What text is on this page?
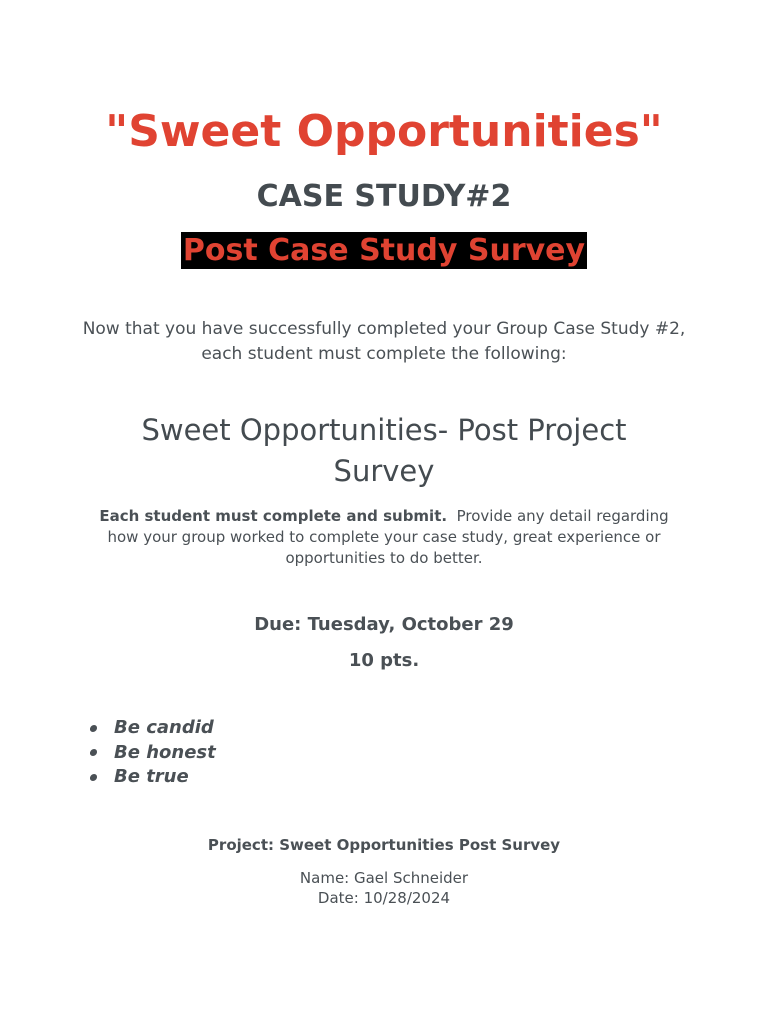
"Sweet Opportunities"
CASE STUDY#2
Post Case Study Survey
Now that you have successfully completed your Group Case Study #2, each student must complete the following:
Sweet Opportunities- Post Project Survey
Each student must complete and submit. Provide any detail regarding how your group worked to complete your case study, great experience or opportunities to do better.
Due: Tuesday, October 29
10 pts.
Be candid
Be honest
Be true
Project: Sweet Opportunities Post Survey
Name: Gael Schneider
Date: 10/28/2024
